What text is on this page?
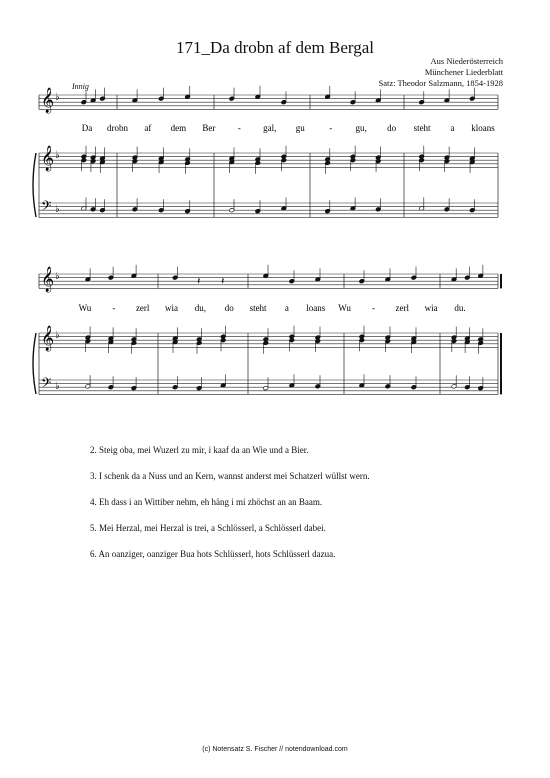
171_Da drobn af dem Bergal
Aus Niederösterreich
Münchener Liederblatt
Satz: Theodor Salzmann, 1854-1928
Innig
𝄞 ♭
𝄞 ♭
𝄢 ♭
𝄞 ♭
𝄞 ♭
𝄢 ♭
𝄽 𝄽
Da drobn af dem Ber - gal, gu	-	gu, do steht a kloans
Wu - zerl wia du, do steht a loans Wu - zerl wia du.
2. Steig oba, mei Wuzerl zu mir, i kaaf da an Wie und a Bier.
3. I schenk da a Nuss und an Kern, wannst anderst mei Schatzerl wüllst wern.
4. Eh dass i an Wittiber nehm, eh häng i mi zhöchst an an Baam.
5. Mei Herzal, mei Herzal is trei, a Schlösserl, a Schlösserl dabei.
6. An oanziger, oanziger Bua hots Schlüsserl, hots Schlüsserl dazua.
(c) Notensatz S. Fischer // notendownload.com
